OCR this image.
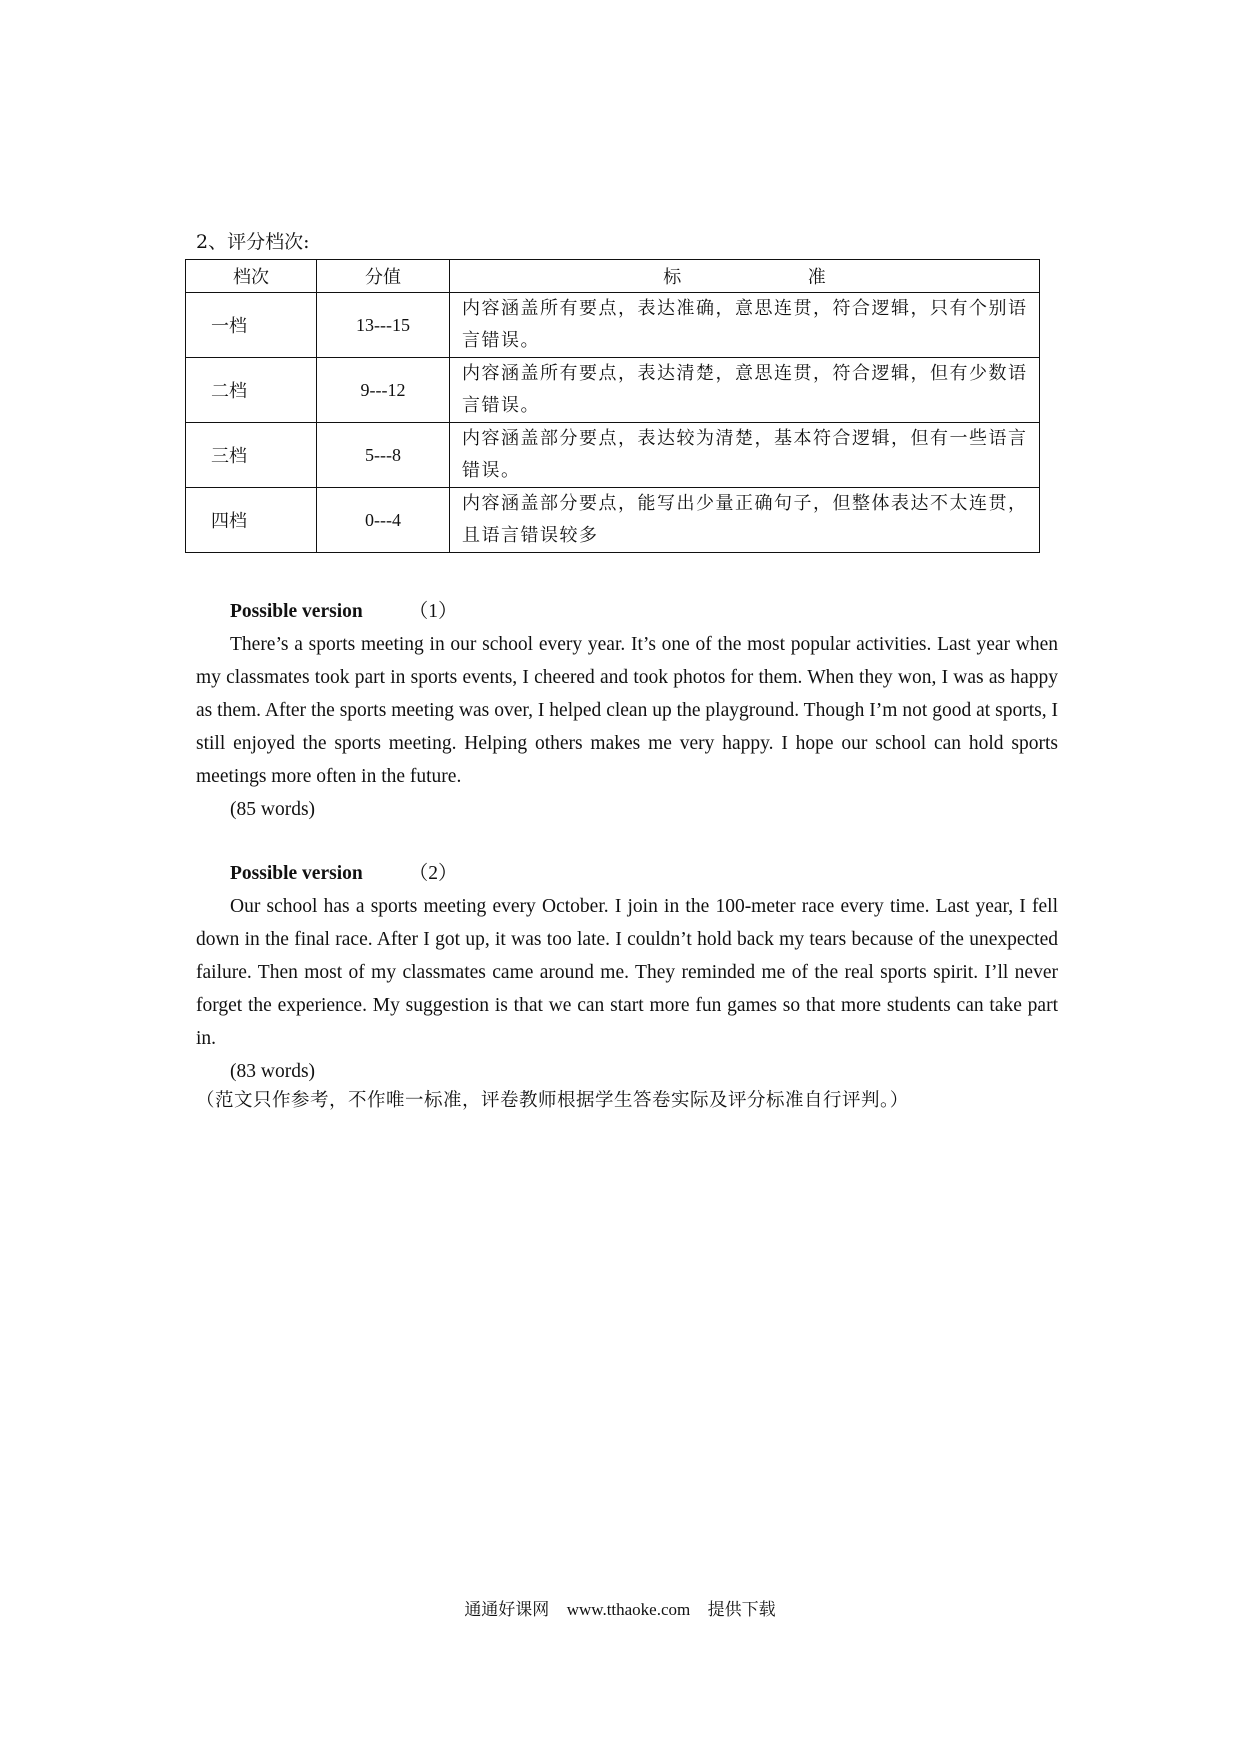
2、评分档次:
档次	分值	标 准

一档	13---15	内容涵盖所有要点，表达准确，意思连贯，符合逻辑，只有个别语言错误。
二档	9---12	内容涵盖所有要点，表达清楚，意思连贯，符合逻辑，但有少数语言错误。
三档	5---8	内容涵盖部分要点，表达较为清楚，基本符合逻辑，但有一些语言错误。
四档	0---4	内容涵盖部分要点，能写出少量正确句子，但整体表达不太连贯，且语言错误较多
Possible version （1）
There’s a sports meeting in our school every year. It’s one of the most popular activities. Last year when my classmates took part in sports events, I cheered and took photos for them. When they won, I was as happy as them. After the sports meeting was over, I helped clean up the playground. Though I’m not good at sports, I still enjoyed the sports meeting. Helping others makes me very happy. I hope our school can hold sports meetings more often in the future.
(85 words)
Possible version （2）
Our school has a sports meeting every October. I join in the 100-meter race every time. Last year, I fell down in the final race. After I got up, it was too late. I couldn’t hold back my tears because of the unexpected failure. Then most of my classmates came around me. They reminded me of the real sports spirit. I’ll never forget the experience. My suggestion is that we can start more fun games so that more students can take part in.
(83 words)
（范文只作参考，不作唯一标准，评卷教师根据学生答卷实际及评分标准自行评判。）
通通好课网 www.tthaoke.com 提供下载
